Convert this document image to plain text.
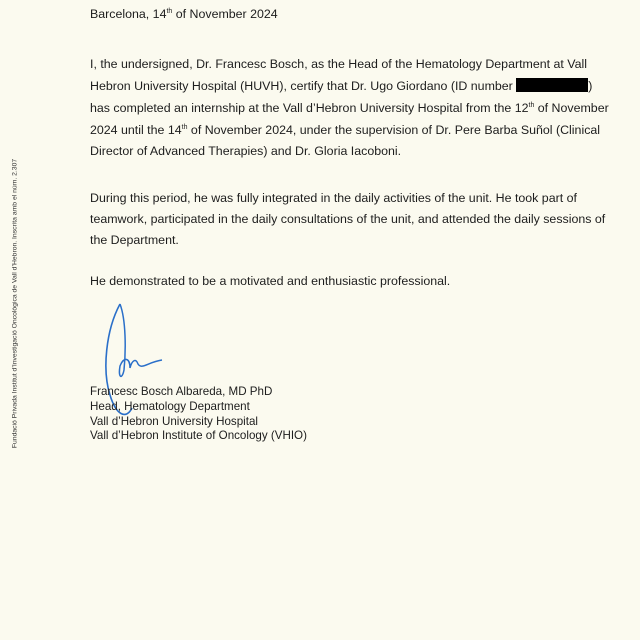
Barcelona, 14th of November 2024
I, the undersigned, Dr. Francesc Bosch, as the Head of the Hematology Department at Vall
Hebron University Hospital (HUVH), certify that Dr. Ugo Giordano (ID number	)
has completed an internship at the Vall d’Hebron University Hospital from the 12th of November
2024 until the 14th of November 2024, under the supervision of Dr. Pere Barba Suñol (Clinical
Director of Advanced Therapies) and Dr. Gloria Iacoboni.
During this period, he was fully integrated in the daily activities of the unit. He took part of
teamwork, participated in the daily consultations of the unit, and attended the daily sessions of
the Department.
He demonstrated to be a motivated and enthusiastic professional.
Francesc Bosch Albareda, MD PhD
Head, Hematology Department
Vall d’Hebron University Hospital
Vall d’Hebron Institute of Oncology (VHIO)
Fundació Privada Institut d’Investigació Oncològica de Vall d’Hebron. Inscrita amb el núm. 2.307
